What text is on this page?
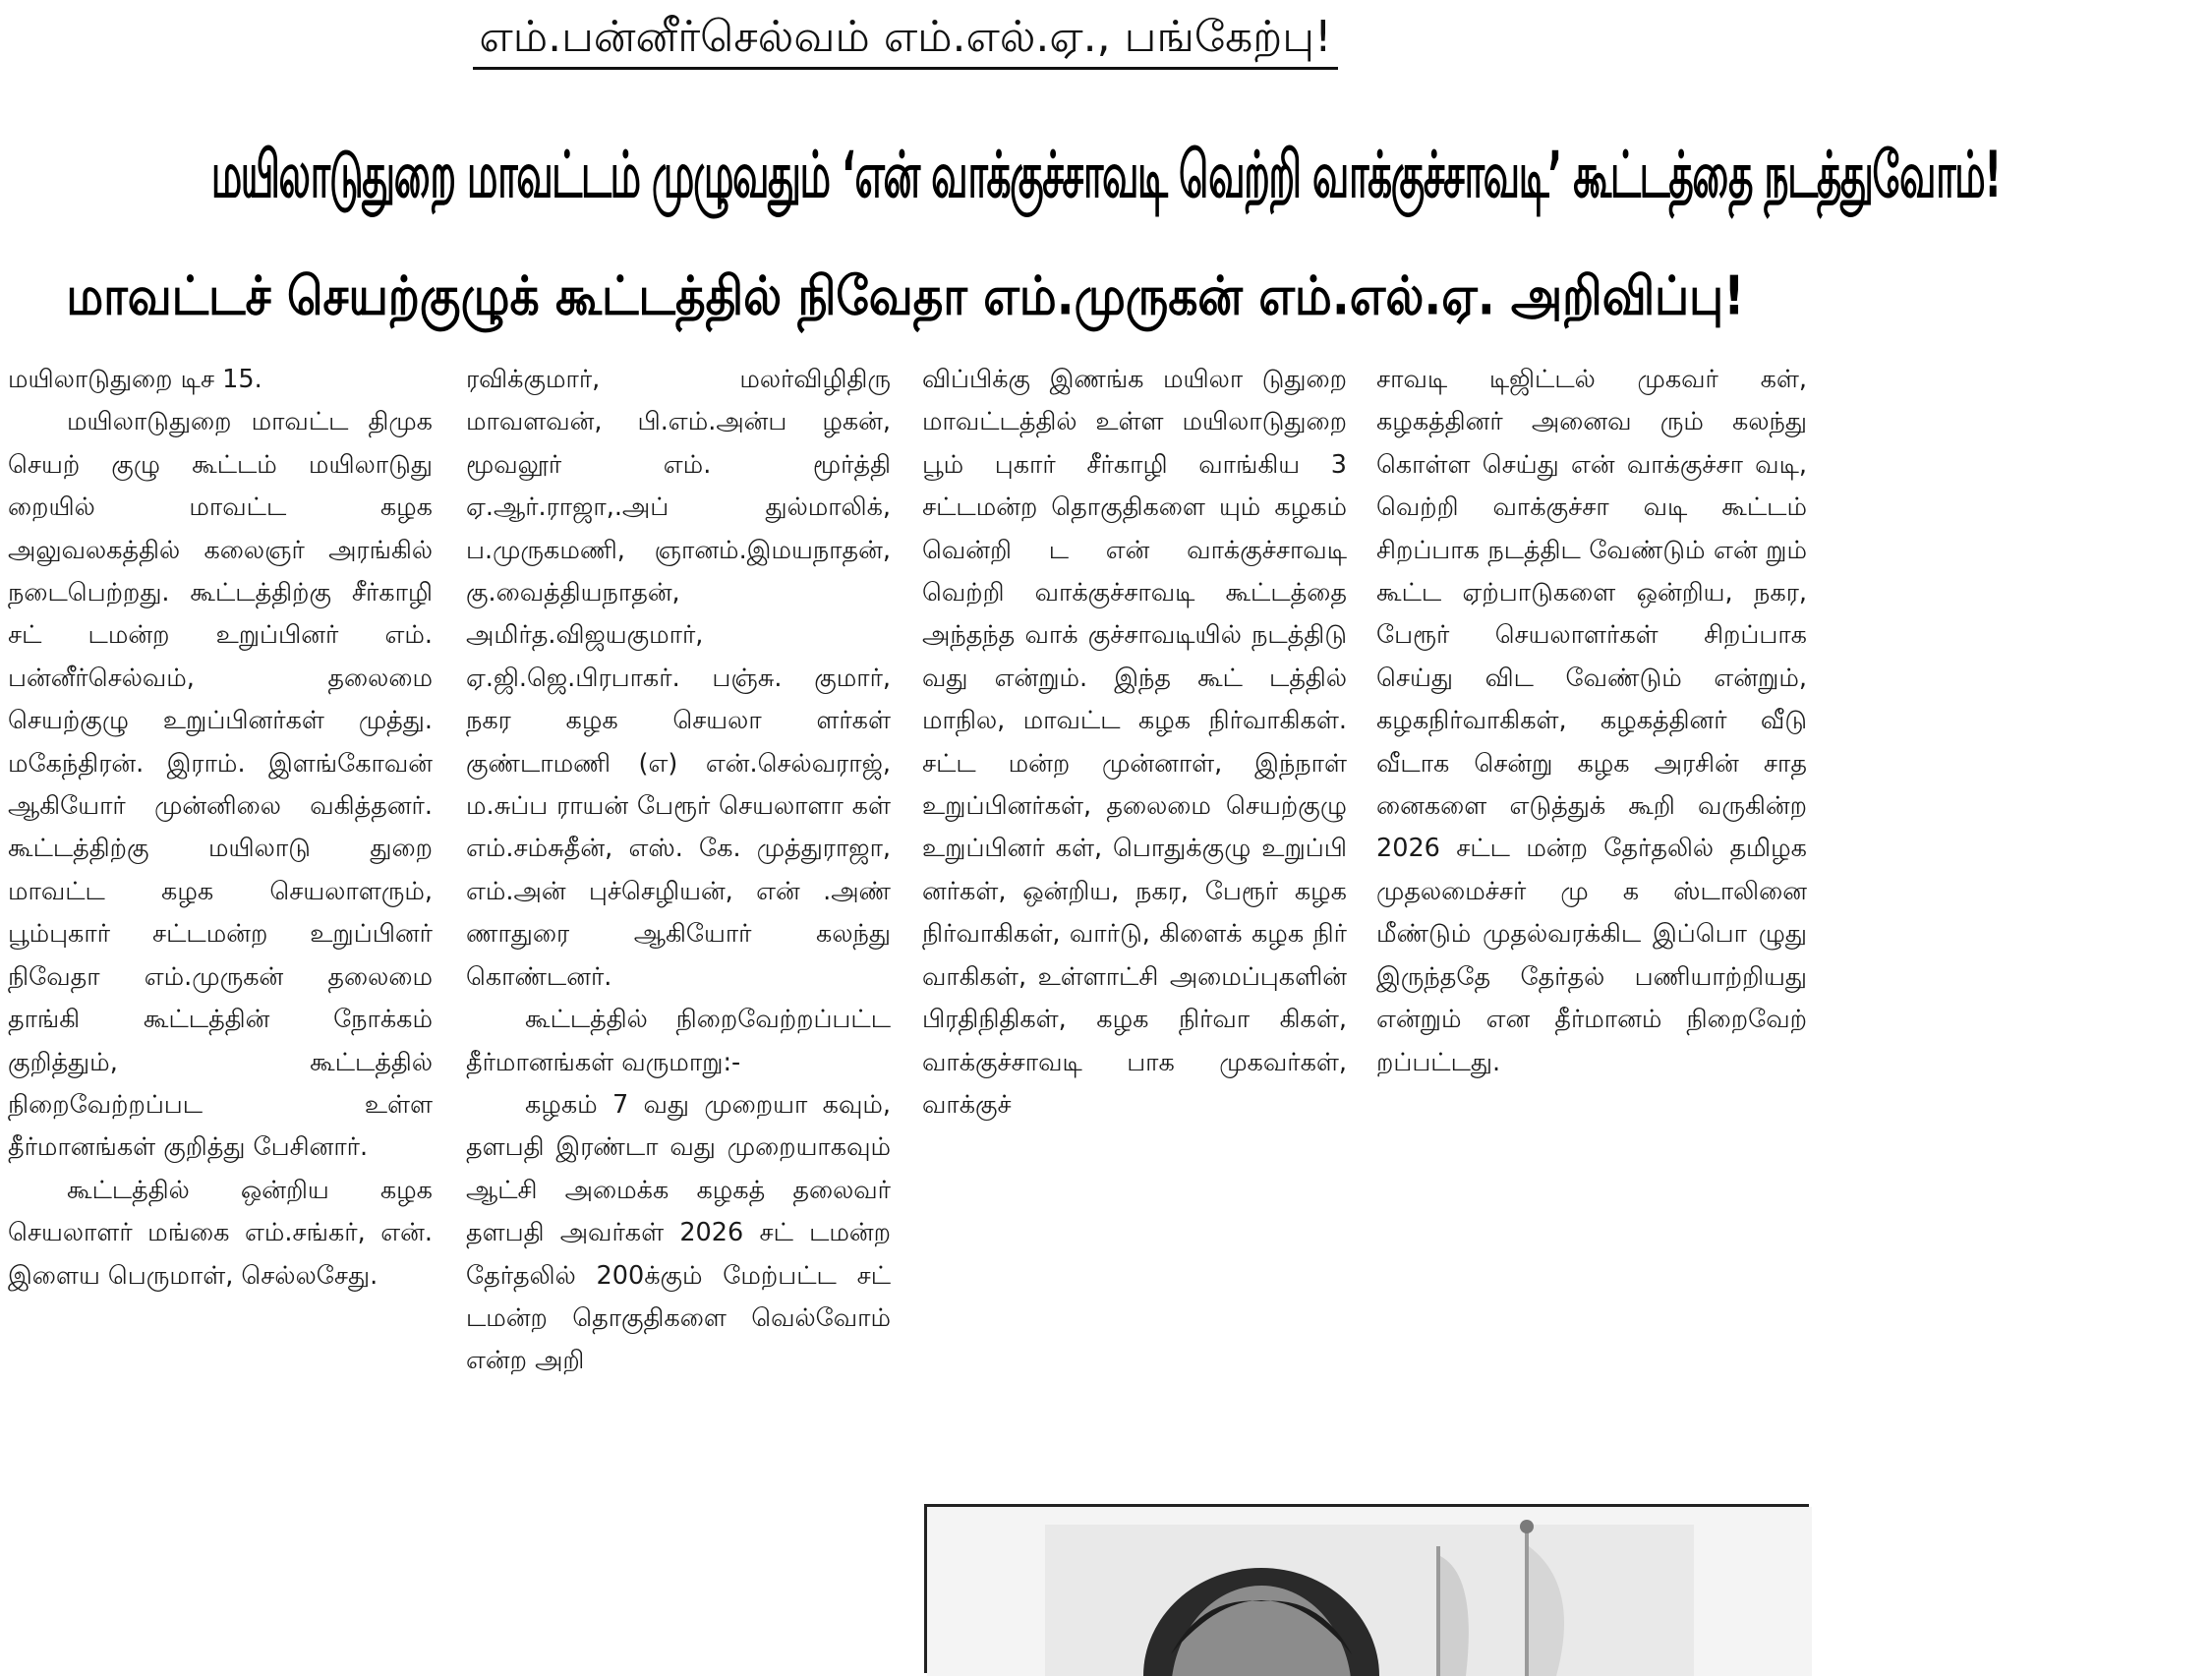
எம்.பன்னீர்செல்வம் எம்.எல்.ஏ., பங்கேற்பு!
மயிலாடுதுறை மாவட்டம் முழுவதும் ‘என் வாக்குச்சாவடி வெற்றி வாக்குச்சாவடி’ கூட்டத்தை நடத்துவோம்!
மாவட்டச் செயற்குழுக் கூட்டத்தில் நிவேதா எம்.முருகன் எம்.எல்.ஏ. அறிவிப்பு!

மயிலாடுதுறை டிச 15.

மயிலாடுதுறை மாவட்ட திமுக செயற் குழு கூட்டம் மயிலாடுது றையில் மாவட்ட கழக அலுவலகத்தில் கலைஞர் அரங்கில் நடைபெற்றது. கூட்டத்திற்கு சீர்காழி சட் டமன்ற உறுப்பினர் எம். பன்னீர்செல்வம், தலைமை செயற்குழு உறுப்பினர்கள் முத்து. மகேந்திரன். இராம். இளங்கோவன் ஆகியோர் முன்னிலை வகித்தனர். கூட்டத்திற்கு மயிலாடு துறை மாவட்ட கழக செயலாளரும், பூம்புகார் சட்டமன்ற உறுப்பினர் நிவேதா எம்.முருகன் தலைமை தாங்கி கூட்டத்தின் நோக்கம் குறித்தும், கூட்டத்தில் நிறைவேற்றப்பட உள்ள தீர்மானங்கள் குறித்து பேசினார்.

கூட்டத்தில் ஒன்றிய கழக செயலாளர் மங்கை எம்.சங்கர், என். இளைய பெருமாள், செல்லசேது.

ரவிக்குமார், மலர்விழிதிரு மாவளவன், பி.எம்.அன்ப ழகன், மூவலூர் எம். மூர்த்தி ஏ.ஆர்.ராஜா,.அப் துல்மாலிக், ப.முருகமணி, ஞானம்.இமயநாதன், கு.வைத்தியநாதன், அமிர்த.விஜயகுமார், ஏ.ஜி.ஜெ.பிரபாகர். பஞ்சு. குமார், நகர கழக செயலா ளர்கள் குண்டாமணி (எ) என்.செல்வராஜ், ம.சுப்ப ராயன் பேரூர் செயலாளா கள் எம்.சம்சுதீன், எஸ். கே. முத்துராஜா, எம்.அன் புச்செழியன், என் .அண் ணாதுரை ஆகியோர் கலந்து கொண்டனர்.

கூட்டத்தில் நிறைவேற்றப்பட்ட தீர்மானங்கள் வருமாறு:-

கழகம் 7 வது முறையா கவும், தளபதி இரண்டா வது முறையாகவும் ஆட்சி அமைக்க கழகத் தலைவர் தளபதி அவர்கள் 2026 சட் டமன்ற தேர்தலில் 200க்கும் மேற்பட்ட சட் டமன்ற தொகுதிகளை வெல்வோம் என்ற அறி

விப்பிக்கு இணங்க மயிலா டுதுறை மாவட்டத்தில் உள்ள மயிலாடுதுறை பூம் புகார் சீர்காழி வாங்கிய 3 சட்டமன்ற தொகுதிகளை யும் கழகம் வென்றி ட என் வாக்குச்சாவடி வெற்றி வாக்குச்சாவடி கூட்டத்தை அந்தந்த வாக் குச்சாவடியில் நடத்திடு வது என்றும். இந்த கூட் டத்தில் மாநில, மாவட்ட கழக நிர்வாகிகள். சட்ட மன்ற முன்னாள், இந்நாள் உறுப்பினர்கள், தலைமை செயற்குழு உறுப்பினர் கள், பொதுக்குழு உறுப்பி னர்கள், ஒன்றிய, நகர, பேரூர் கழக நிர்வாகிகள், வார்டு, கிளைக் கழக நிர் வாகிகள், உள்ளாட்சி அமைப்புகளின் பிரதிநிதிகள், கழக நிர்வா கிகள், வாக்குச்சாவடி பாக முகவர்கள், வாக்குச்

சாவடி டிஜிட்டல் முகவர் கள், கழகத்தினர் அனைவ ரும் கலந்து கொள்ள செய்து என் வாக்குச்சா வடி, வெற்றி வாக்குச்சா வடி கூட்டம் சிறப்பாக நடத்திட வேண்டும் என் றும் கூட்ட ஏற்பாடுகளை ஒன்றிய, நகர, பேரூர் செயலாளர்கள் சிறப்பாக செய்து விட வேண்டும் என்றும், கழகநிர்வாகிகள், கழகத்தினர் வீடு வீடாக சென்று கழக அரசின் சாத னைகளை எடுத்துக் கூறி வருகின்ற 2026 சட்ட மன்ற தேர்தலில் தமிழக முதலமைச்சர் மு க ஸ்டாலினை மீண்டும் முதல்வரக்கிட இப்பொ ழுது இருந்ததே தேர்தல் பணியாற்றியது என்றும் என தீர்மானம் நிறைவேற் றப்பட்டது.
